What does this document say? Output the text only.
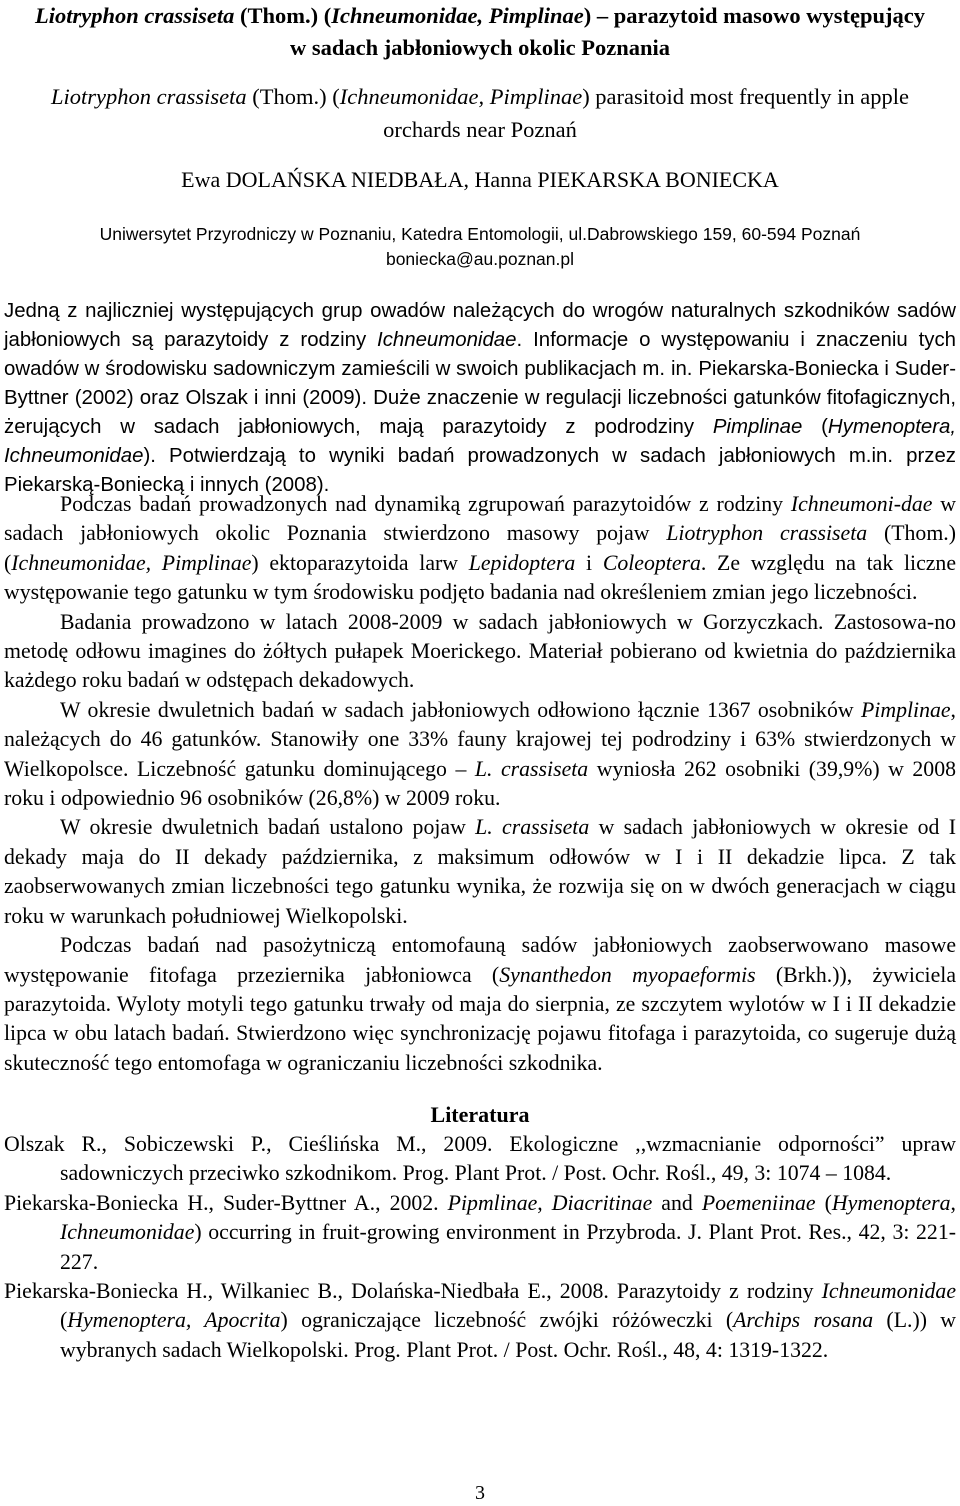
Liotryphon crassiseta (Thom.) (Ichneumonidae, Pimplinae) – parazytoid masowo występujący
w sadach jabłoniowych okolic Poznania
Liotryphon crassiseta (Thom.) (Ichneumonidae, Pimplinae) parasitoid most frequently in apple
orchards near Poznań
Ewa DOLAŃSKA NIEDBAŁA, Hanna PIEKARSKA BONIECKA
Uniwersytet Przyrodniczy w Poznaniu, Katedra Entomologii, ul.Dabrowskiego 159, 60-594 Poznań
boniecka@au.poznan.pl
Jedną z najliczniej występujących grup owadów należących do wrogów naturalnych szkodników sadów jabłoniowych są parazytoidy z rodziny Ichneumonidae. Informacje o występowaniu i znaczeniu tych owadów w środowisku sadowniczym zamieścili w swoich publikacjach m. in. Piekarska-Boniecka i Suder-Byttner (2002) oraz Olszak i inni (2009). Duże znaczenie w regulacji liczebności gatunków fitofagicznych, żerujących w sadach jabłoniowych, mają parazytoidy z podrodziny Pimplinae (Hymenoptera, Ichneumonidae). Potwierdzają to wyniki badań prowadzonych w sadach jabłoniowych m.in. przez Piekarską-Boniecką i innych (2008).

Podczas badań prowadzonych nad dynamiką zgrupowań parazytoidów z rodziny Ichneumoni-dae w sadach jabłoniowych okolic Poznania stwierdzono masowy pojaw Liotryphon crassiseta (Thom.) (Ichneumonidae, Pimplinae) ektoparazytoida larw Lepidoptera i Coleoptera. Ze względu na tak liczne występowanie tego gatunku w tym środowisku podjęto badania nad określeniem zmian jego liczebności.

Badania prowadzono w latach 2008-2009 w sadach jabłoniowych w Gorzyczkach. Zastosowa-no metodę odłowu imagines do żółtych pułapek Moerickego. Materiał pobierano od kwietnia do października każdego roku badań w odstępach dekadowych.

W okresie dwuletnich badań w sadach jabłoniowych odłowiono łącznie 1367 osobników Pimplinae, należących do 46 gatunków. Stanowiły one 33% fauny krajowej tej podrodziny i 63% stwierdzonych w Wielkopolsce. Liczebność gatunku dominującego – L. crassiseta wyniosła 262 osobniki (39,9%) w 2008 roku i odpowiednio 96 osobników (26,8%) w 2009 roku.

W okresie dwuletnich badań ustalono pojaw L. crassiseta w sadach jabłoniowych w okresie od I dekady maja do II dekady października, z maksimum odłowów w I i II dekadzie lipca. Z tak zaobserwowanych zmian liczebności tego gatunku wynika, że rozwija się on w dwóch generacjach w ciągu roku w warunkach południowej Wielkopolski.

Podczas badań nad pasożytniczą entomofauną sadów jabłoniowych zaobserwowano masowe występowanie fitofaga przeziernika jabłoniowca (Synanthedon myopaeformis (Brkh.)), żywiciela parazytoida. Wyloty motyli tego gatunku trwały od maja do sierpnia, ze szczytem wylotów w I i II dekadzie lipca w obu latach badań. Stwierdzono więc synchronizację pojawu fitofaga i parazytoida, co sugeruje dużą skuteczność tego entomofaga w ograniczaniu liczebności szkodnika.

Literatura

Olszak R., Sobiczewski P., Cieślińska M., 2009. Ekologiczne ,,wzmacnianie odporności” upraw sadowniczych przeciwko szkodnikom. Prog. Plant Prot. / Post. Ochr. Rośl., 49, 3: 1074 – 1084.

Piekarska-Boniecka H., Suder-Byttner A., 2002. Pipmlinae, Diacritinae and Poemeniinae (Hymenoptera, Ichneumonidae) occurring in fruit-growing environment in Przybroda. J. Plant Prot. Res., 42, 3: 221-227.

Piekarska-Boniecka H., Wilkaniec B., Dolańska-Niedbała E., 2008. Parazytoidy z rodziny Ichneumonidae (Hymenoptera, Apocrita) ograniczające liczebność zwójki różóweczki (Archips rosana (L.)) w wybranych sadach Wielkopolski. Prog. Plant Prot. / Post. Ochr. Rośl., 48, 4: 1319-1322.

3
